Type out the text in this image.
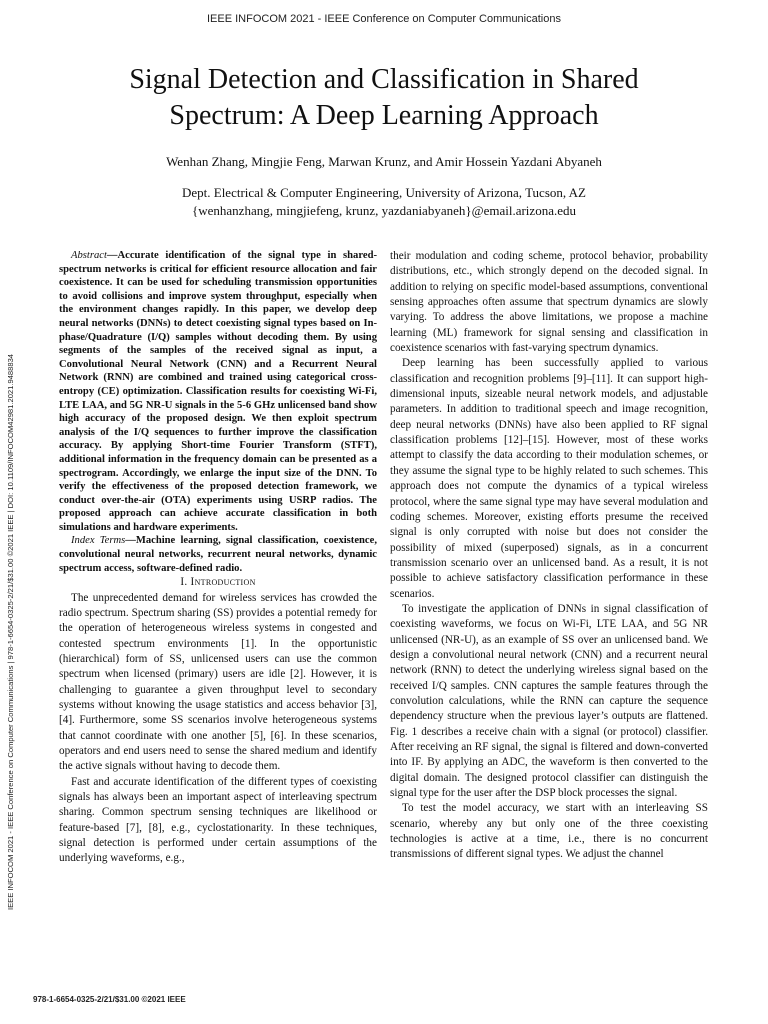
IEEE INFOCOM 2021 - IEEE Conference on Computer Communications
IEEE INFOCOM 2021 - IEEE Conference on Computer Communications | 978-1-6654-0325-2/21/$31.00 ©2021 IEEE | DOI: 10.1109/INFOCOM42981.2021.9488834
Signal Detection and Classification in Shared
Spectrum: A Deep Learning Approach
Wenhan Zhang, Mingjie Feng, Marwan Krunz, and Amir Hossein Yazdani Abyaneh
Dept. Electrical & Computer Engineering, University of Arizona, Tucson, AZ
{wenhanzhang, mingjiefeng, krunz, yazdaniabyaneh}@email.arizona.edu

Abstract—Accurate identification of the signal type in shared-spectrum networks is critical for efficient resource allocation and fair coexistence. It can be used for scheduling transmission opportunities to avoid collisions and improve system throughput, especially when the environment changes rapidly. In this paper, we develop deep neural networks (DNNs) to detect coexisting signal types based on In-phase/Quadrature (I/Q) samples without decoding them. By using segments of the samples of the received signal as input, a Convolutional Neural Network (CNN) and a Recurrent Neural Network (RNN) are combined and trained using categorical cross-entropy (CE) optimization. Classification results for coexisting Wi-Fi, LTE LAA, and 5G NR-U signals in the 5-6 GHz unlicensed band show high accuracy of the proposed design. We then exploit spectrum analysis of the I/Q sequences to further improve the classification accuracy. By applying Short-time Fourier Transform (STFT), additional information in the frequency domain can be presented as a spectrogram. Accordingly, we enlarge the input size of the DNN. To verify the effectiveness of the proposed detection framework, we conduct over-the-air (OTA) experiments using USRP radios. The proposed approach can achieve accurate classification in both simulations and hardware experiments.

Index Terms—Machine learning, signal classification, coexistence, convolutional neural networks, recurrent neural networks, dynamic spectrum access, software-defined radio.

I. Introduction

The unprecedented demand for wireless services has crowded the radio spectrum. Spectrum sharing (SS) provides a potential remedy for the operation of heterogeneous wireless systems in congested and contested spectrum environments [1]. In the opportunistic (hierarchical) form of SS, unlicensed users can use the common spectrum when licensed (primary) users are idle [2]. However, it is challenging to guarantee a given throughput level to secondary systems without knowing the usage statistics and access behavior [3], [4]. Furthermore, some SS scenarios involve heterogeneous systems that cannot coordinate with one another [5], [6]. In these scenarios, operators and end users need to sense the shared medium and identify the active signals without having to decode them.

Fast and accurate identification of the different types of coexisting signals has always been an important aspect of interleaving spectrum sharing. Common spectrum sensing techniques are likelihood or feature-based [7], [8], e.g., cyclostationarity. In these techniques, signal detection is performed under certain assumptions of the underlying waveforms, e.g.,

their modulation and coding scheme, protocol behavior, probability distributions, etc., which strongly depend on the decoded signal. In addition to relying on specific model-based assumptions, conventional sensing approaches often assume that spectrum dynamics are slowly varying. To address the above limitations, we propose a machine learning (ML) framework for signal sensing and classification in coexistence scenarios with fast-varying spectrum dynamics.

Deep learning has been successfully applied to various classification and recognition problems [9]–[11]. It can support high-dimensional inputs, sizeable neural network models, and adjustable parameters. In addition to traditional speech and image recognition, deep neural networks (DNNs) have also been applied to RF signal classification problems [12]–[15]. However, most of these works attempt to classify the data according to their modulation schemes, or they assume the signal type to be highly related to such schemes. This approach does not compute the dynamics of a typical wireless protocol, where the same signal type may have several modulation and coding schemes. Moreover, existing efforts presume the received signal is only corrupted with noise but does not consider the possibility of mixed (superposed) signals, as in a concurrent transmission scenario over an unlicensed band. As a result, it is not possible to achieve satisfactory classification performance in these scenarios.

To investigate the application of DNNs in signal classification of coexisting waveforms, we focus on Wi-Fi, LTE LAA, and 5G NR unlicensed (NR-U), as an example of SS over an unlicensed band. We design a convolutional neural network (CNN) and a recurrent neural network (RNN) to detect the underlying wireless signal based on the received I/Q samples. CNN captures the sample features through the convolution calculations, while the RNN can capture the sequence dependency structure when the previous layer’s outputs are flattened. Fig. 1 describes a receive chain with a signal (or protocol) classifier. After receiving an RF signal, the signal is filtered and down-converted into IF. By applying an ADC, the waveform is then converted to the digital domain. The designed protocol classifier can distinguish the signal type for the user after the DSP block processes the signal.

To test the model accuracy, we start with an interleaving SS scenario, whereby any but only one of the three coexisting technologies is active at a time, i.e., there is no concurrent transmissions of different signal types. We adjust the channel

978-1-6654-0325-2/21/$31.00 ©2021 IEEE
